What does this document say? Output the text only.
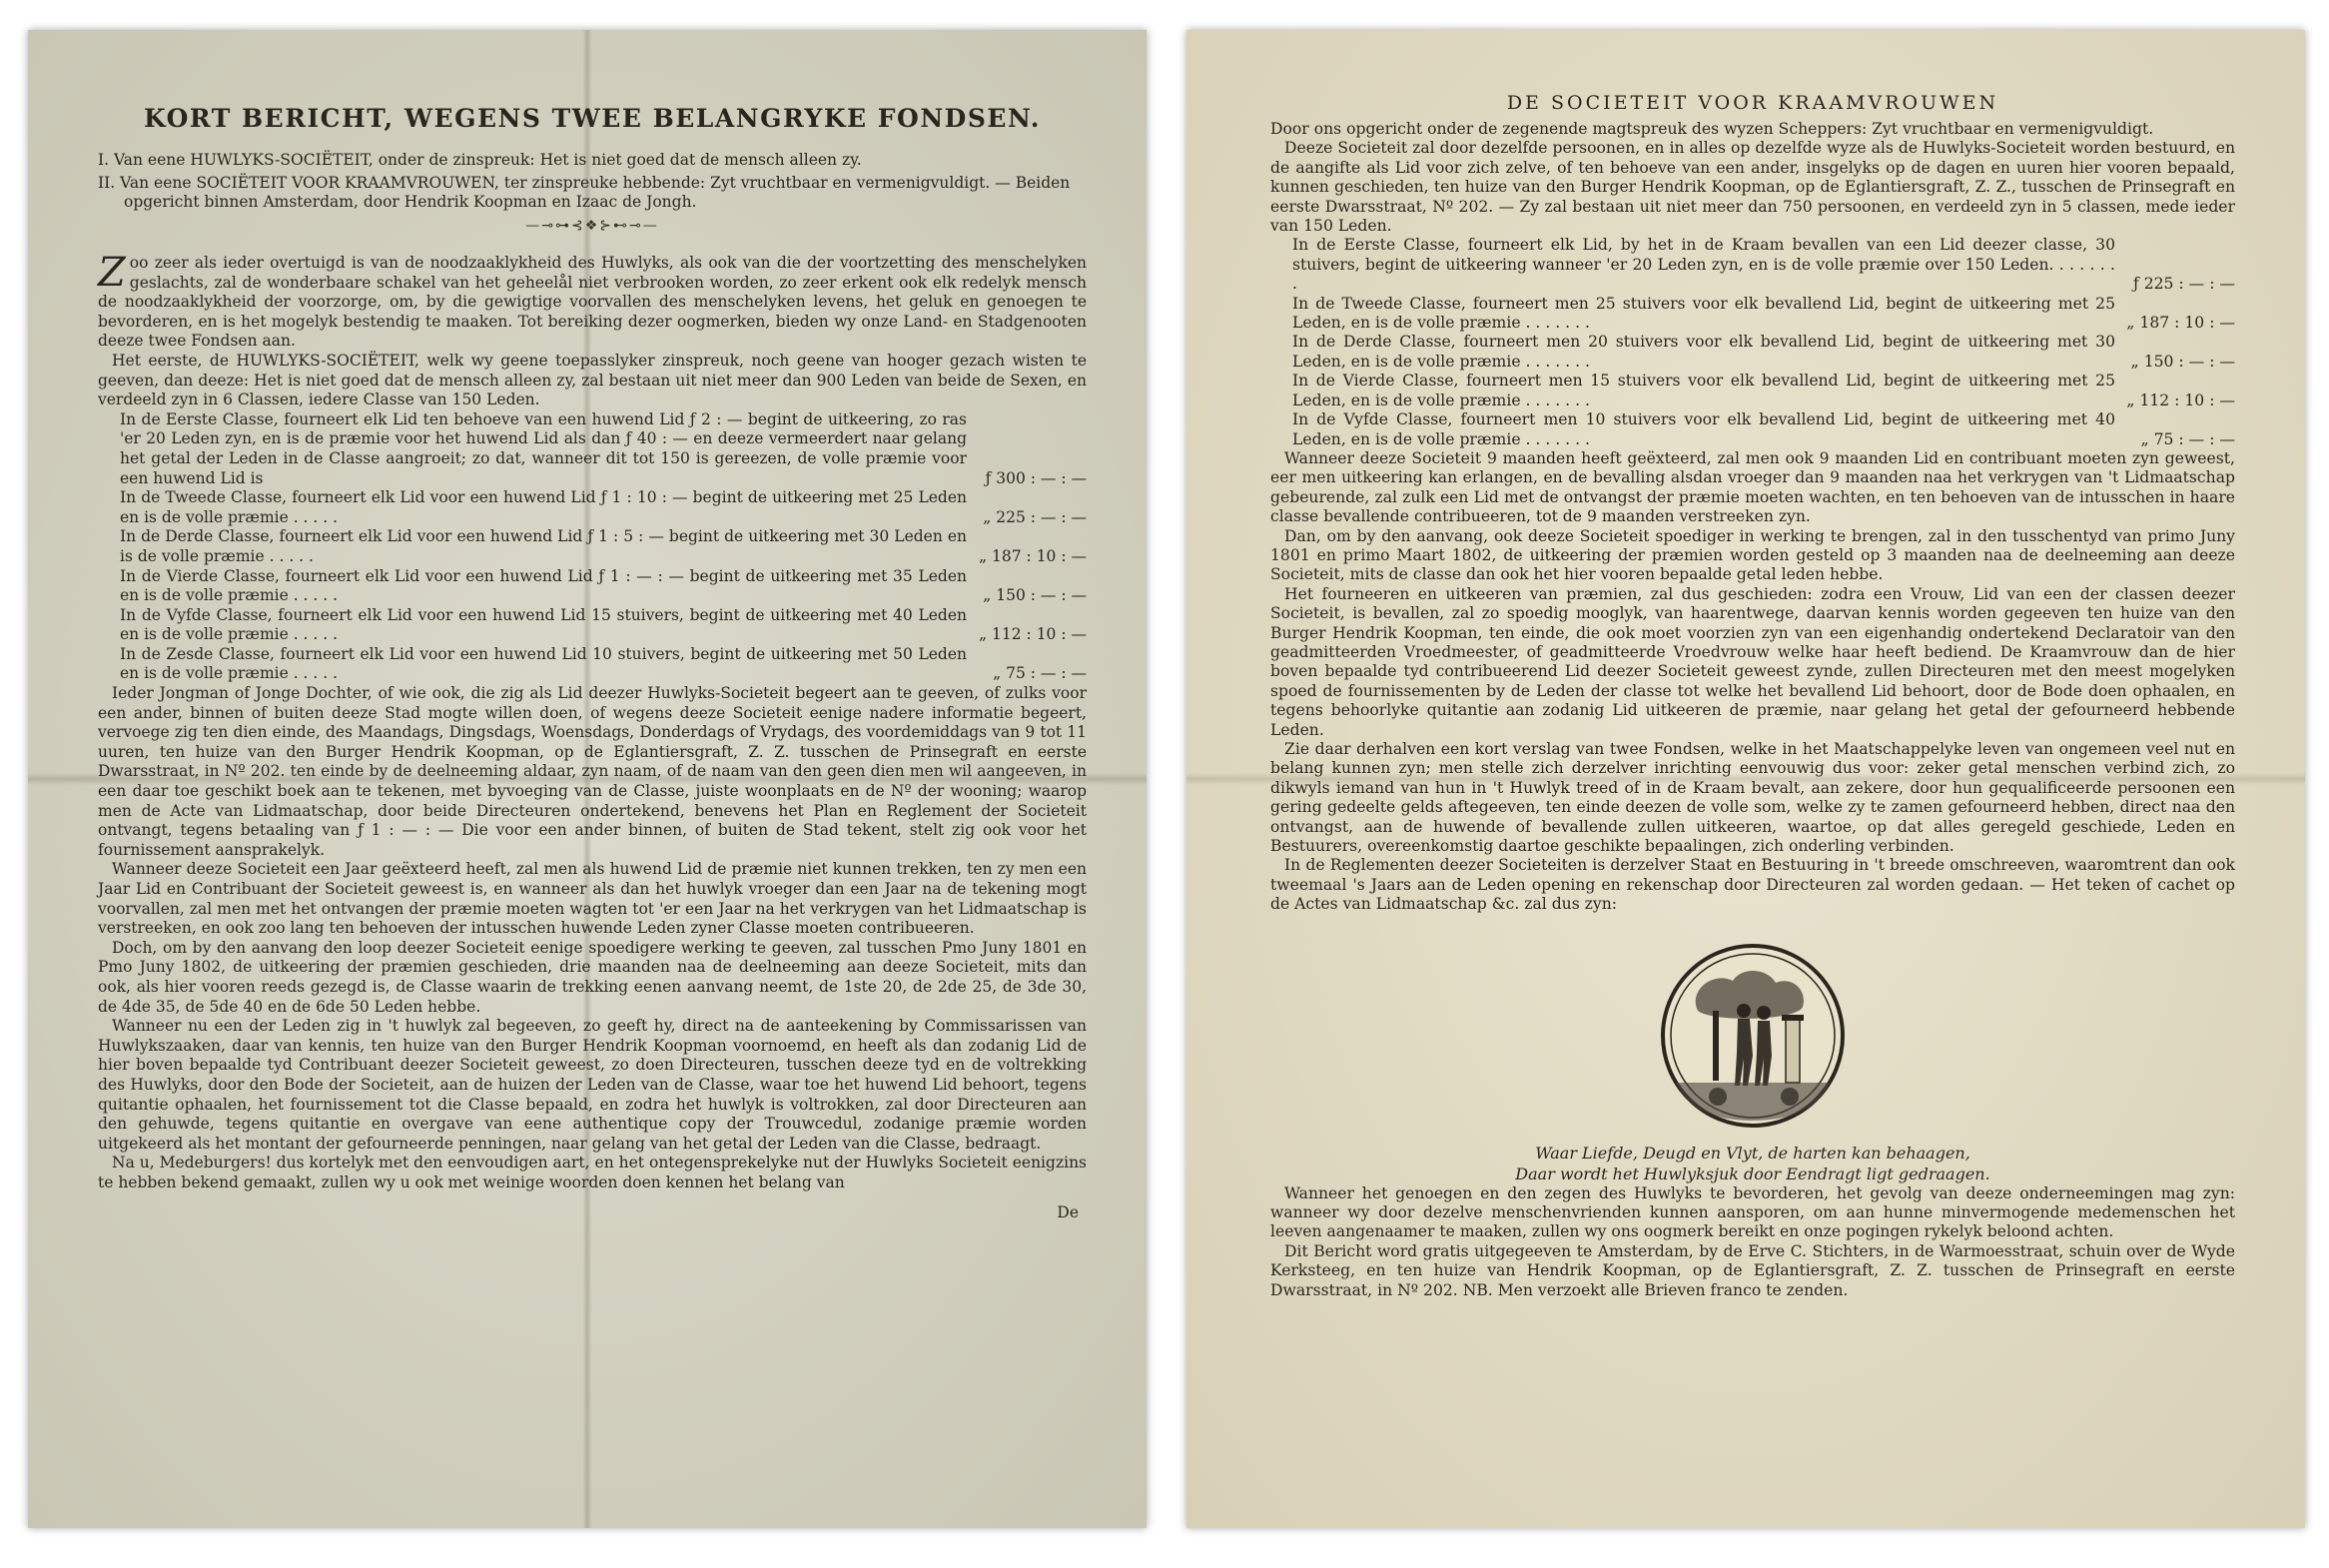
KORT BERICHT, WEGENS TWEE BELANGRYKE FONDSEN.

I. Van eene HUWLYKS-SOCIËTEIT, onder de zinspreuk: Het is niet goed dat de mensch alleen zy.

II. Van eene SOCIËTEIT VOOR KRAAMVROUWEN, ter zinspreuke hebbende: Zyt vruchtbaar en vermenigvuldigt. — Beiden opgericht binnen Amsterdam, door Hendrik Koopman en Izaac de Jongh.

—⊸⊶⊰❖⊱⊷⊸—

Z oo zeer als ieder overtuigd is van de noodzaaklykheid des Huwlyks, als ook van die der voortzetting des menschelyken geslachts, zal de wonderbaare schakel van het geheelål niet verbrooken worden, zo zeer erkent ook elk redelyk mensch de noodzaaklykheid der voorzorge, om, by die gewigtige voorvallen des menschelyken levens, het geluk en genoegen te bevorderen, en is het mogelyk bestendig te maaken. Tot bereiking dezer oogmerken, bieden wy onze Land- en Stadgenooten deeze twee Fondsen aan.

Het eerste, de HUWLYKS-SOCIËTEIT, welk wy geene toepasslyker zinspreuk, noch geene van hooger gezach wisten te geeven, dan deeze: Het is niet goed dat de mensch alleen zy, zal bestaan uit niet meer dan 900 Leden van beide de Sexen, en verdeeld zyn in 6 Classen, iedere Classe van 150 Leden.

In de Eerste Classe, fourneert elk Lid ten behoeve van een huwend Lid ƒ 2 : — begint de uitkeering, zo ras 'er 20 Leden zyn, en is de præmie voor het huwend Lid als dan ƒ 40 : — en deeze vermeerdert naar gelang het getal der Leden in de Classe aangroeit; zo dat, wanneer dit tot 150 is gereezen, de volle præmie voor een huwend Lid is	ƒ 300 : — : —

In de Tweede Classe, fourneert elk Lid voor een huwend Lid ƒ 1 : 10 : — begint de uitkeering met 25 Leden en is de volle præmie . . . . .	„ 225 : — : —

In de Derde Classe, fourneert elk Lid voor een huwend Lid ƒ 1 : 5 : — begint de uitkeering met 30 Leden en is de volle præmie . . . . .	„ 187 : 10 : —

In de Vierde Classe, fourneert elk Lid voor een huwend Lid ƒ 1 : — : — begint de uitkeering met 35 Leden en is de volle præmie . . . . .	„ 150 : — : —

In de Vyfde Classe, fourneert elk Lid voor een huwend Lid 15 stuivers, begint de uitkeering met 40 Leden en is de volle præmie . . . . .	„ 112 : 10 : —

In de Zesde Classe, fourneert elk Lid voor een huwend Lid 10 stuivers, begint de uitkeering met 50 Leden en is de volle præmie . . . . .	„ 75 : — : —

Ieder Jongman of Jonge Dochter, of wie ook, die zig als Lid deezer Huwlyks-Societeit begeert aan te geeven, of zulks voor een ander, binnen of buiten deeze Stad mogte willen doen, of wegens deeze Societeit eenige nadere informatie begeert, vervoege zig ten dien einde, des Maandags, Dingsdags, Woensdags, Donderdags of Vrydags, des voordemiddags van 9 tot 11 uuren, ten huize van den Burger Hendrik Koopman, op de Eglantiersgraft, Z. Z. tusschen de Prinsegraft en eerste Dwarsstraat, in Nº 202. ten einde by de deelneeming aldaar, zyn naam, of de naam van den geen dien men wil aangeeven, in een daar toe geschikt boek aan te tekenen, met byvoeging van de Classe, juiste woonplaats en de Nº der wooning; waarop men de Acte van Lidmaatschap, door beide Directeuren ondertekend, benevens het Plan en Reglement der Societeit ontvangt, tegens betaaling van ƒ 1 : — : — Die voor een ander binnen, of buiten de Stad tekent, stelt zig ook voor het fournissement aansprakelyk.

Wanneer deeze Societeit een Jaar geëxteerd heeft, zal men als huwend Lid de præmie niet kunnen trekken, ten zy men een Jaar Lid en Contribuant der Societeit geweest is, en wanneer als dan het huwlyk vroeger dan een Jaar na de tekening mogt voorvallen, zal men met het ontvangen der præmie moeten wagten tot 'er een Jaar na het verkrygen van het Lidmaatschap is verstreeken, en ook zoo lang ten behoeven der intusschen huwende Leden zyner Classe moeten contribueeren.

Doch, om by den aanvang den loop deezer Societeit eenige spoedigere werking te geeven, zal tusschen Pmo Juny 1801 en Pmo Juny 1802, de uitkeering der præmien geschieden, drie maanden naa de deelneeming aan deeze Societeit, mits dan ook, als hier vooren reeds gezegd is, de Classe waarin de trekking eenen aanvang neemt, de 1ste 20, de 2de 25, de 3de 30, de 4de 35, de 5de 40 en de 6de 50 Leden hebbe.

Wanneer nu een der Leden zig in 't huwlyk zal begeeven, zo geeft hy, direct na de aanteekening by Commissarissen van Huwlykszaaken, daar van kennis, ten huize van den Burger Hendrik Koopman voornoemd, en heeft als dan zodanig Lid de hier boven bepaalde tyd Contribuant deezer Societeit geweest, zo doen Directeuren, tusschen deeze tyd en de voltrekking des Huwlyks, door den Bode der Societeit, aan de huizen der Leden van de Classe, waar toe het huwend Lid behoort, tegens quitantie ophaalen, het fournissement tot die Classe bepaald, en zodra het huwlyk is voltrokken, zal door Directeuren aan den gehuwde, tegens quitantie en overgave van eene authentique copy der Trouwcedul, zodanige præmie worden uitgekeerd als het montant der gefourneerde penningen, naar gelang van het getal der Leden van die Classe, bedraagt.

Na u, Medeburgers! dus kortelyk met den eenvoudigen aart, en het ontegensprekelyke nut der Huwlyks Societeit eenigzins te hebben bekend gemaakt, zullen wy u ook met weinige woorden doen kennen het belang van

De
DE SOCIETEIT VOOR KRAAMVROUWEN

Door ons opgericht onder de zegenende magtspreuk des wyzen Scheppers: Zyt vruchtbaar en vermenigvuldigt.

Deeze Societeit zal door dezelfde persoonen, en in alles op dezelfde wyze als de Huwlyks-Societeit worden bestuurd, en de aangifte als Lid voor zich zelve, of ten behoeve van een ander, insgelyks op de dagen en uuren hier vooren bepaald, kunnen geschieden, ten huize van den Burger Hendrik Koopman, op de Eglantiersgraft, Z. Z., tusschen de Prinsegraft en eerste Dwarsstraat, Nº 202. — Zy zal bestaan uit niet meer dan 750 persoonen, en verdeeld zyn in 5 classen, mede ieder van 150 Leden.

In de Eerste Classe, fourneert elk Lid, by het in de Kraam bevallen van een Lid deezer classe, 30 stuivers, begint de uitkeering wanneer 'er 20 Leden zyn, en is de volle præmie over 150 Leden. . . . . . . .	ƒ 225 : — : —

In de Tweede Classe, fourneert men 25 stuivers voor elk bevallend Lid, begint de uitkeering met 25 Leden, en is de volle præmie . . . . . . .	„ 187 : 10 : —

In de Derde Classe, fourneert men 20 stuivers voor elk bevallend Lid, begint de uitkeering met 30 Leden, en is de volle præmie . . . . . . .	„ 150 : — : —

In de Vierde Classe, fourneert men 15 stuivers voor elk bevallend Lid, begint de uitkeering met 25 Leden, en is de volle præmie . . . . . . .	„ 112 : 10 : —

In de Vyfde Classe, fourneert men 10 stuivers voor elk bevallend Lid, begint de uitkeering met 40 Leden, en is de volle præmie . . . . . . .	„ 75 : — : —

Wanneer deeze Societeit 9 maanden heeft geëxteerd, zal men ook 9 maanden Lid en contribuant moeten zyn geweest, eer men uitkeering kan erlangen, en de bevalling alsdan vroeger dan 9 maanden naa het verkrygen van 't Lidmaatschap gebeurende, zal zulk een Lid met de ontvangst der præmie moeten wachten, en ten behoeven van de intusschen in haare classe bevallende contribueeren, tot de 9 maanden verstreeken zyn.

Dan, om by den aanvang, ook deeze Societeit spoediger in werking te brengen, zal in den tusschentyd van primo Juny 1801 en primo Maart 1802, de uitkeering der præmien worden gesteld op 3 maanden naa de deelneeming aan deeze Societeit, mits de classe dan ook het hier vooren bepaalde getal leden hebbe.

Het fourneeren en uitkeeren van præmien, zal dus geschieden: zodra een Vrouw, Lid van een der classen deezer Societeit, is bevallen, zal zo spoedig mooglyk, van haarentwege, daarvan kennis worden gegeeven ten huize van den Burger Hendrik Koopman, ten einde, die ook moet voorzien zyn van een eigenhandig ondertekend Declaratoir van den geadmitteerden Vroedmeester, of geadmitteerde Vroedvrouw welke haar heeft bediend. De Kraamvrouw dan de hier boven bepaalde tyd contribueerend Lid deezer Societeit geweest zynde, zullen Directeuren met den meest mogelyken spoed de fournissementen by de Leden der classe tot welke het bevallend Lid behoort, door de Bode doen ophaalen, en tegens behoorlyke quitantie aan zodanig Lid uitkeeren de præmie, naar gelang het getal der gefourneerd hebbende Leden.

Zie daar derhalven een kort verslag van twee Fondsen, welke in het Maatschappelyke leven van ongemeen veel nut en belang kunnen zyn; men stelle zich derzelver inrichting eenvouwig dus voor: zeker getal menschen verbind zich, zo dikwyls iemand van hun in 't Huwlyk treed of in de Kraam bevalt, aan zekere, door hun gequalificeerde persoonen een gering gedeelte gelds aftegeeven, ten einde deezen de volle som, welke zy te zamen gefourneerd hebben, direct naa den ontvangst, aan de huwende of bevallende zullen uitkeeren, waartoe, op dat alles geregeld geschiede, Leden en Bestuurers, overeenkomstig daartoe geschikte bepaalingen, zich onderling verbinden.

In de Reglementen deezer Societeiten is derzelver Staat en Bestuuring in 't breede omschreeven, waaromtrent dan ook tweemaal 's Jaars aan de Leden opening en rekenschap door Directeuren zal worden gedaan. — Het teken of cachet op de Actes van Lidmaatschap &c. zal dus zyn:

Waar Liefde, Deugd en Vlyt, de harten kan behaagen,

Daar wordt het Huwlyksjuk door Eendragt ligt gedraagen.

Wanneer het genoegen en den zegen des Huwlyks te bevorderen, het gevolg van deeze onderneemingen mag zyn: wanneer wy door dezelve menschenvrienden kunnen aansporen, om aan hunne minvermogende medemenschen het leeven aangenaamer te maaken, zullen wy ons oogmerk bereikt en onze pogingen rykelyk beloond achten.

Dit Bericht word gratis uitgegeeven te Amsterdam, by de Erve C. Stichters, in de Warmoesstraat, schuin over de Wyde Kerksteeg, en ten huize van Hendrik Koopman, op de Eglantiersgraft, Z. Z. tusschen de Prinsegraft en eerste Dwarsstraat, in Nº 202. NB. Men verzoekt alle Brieven franco te zenden.
